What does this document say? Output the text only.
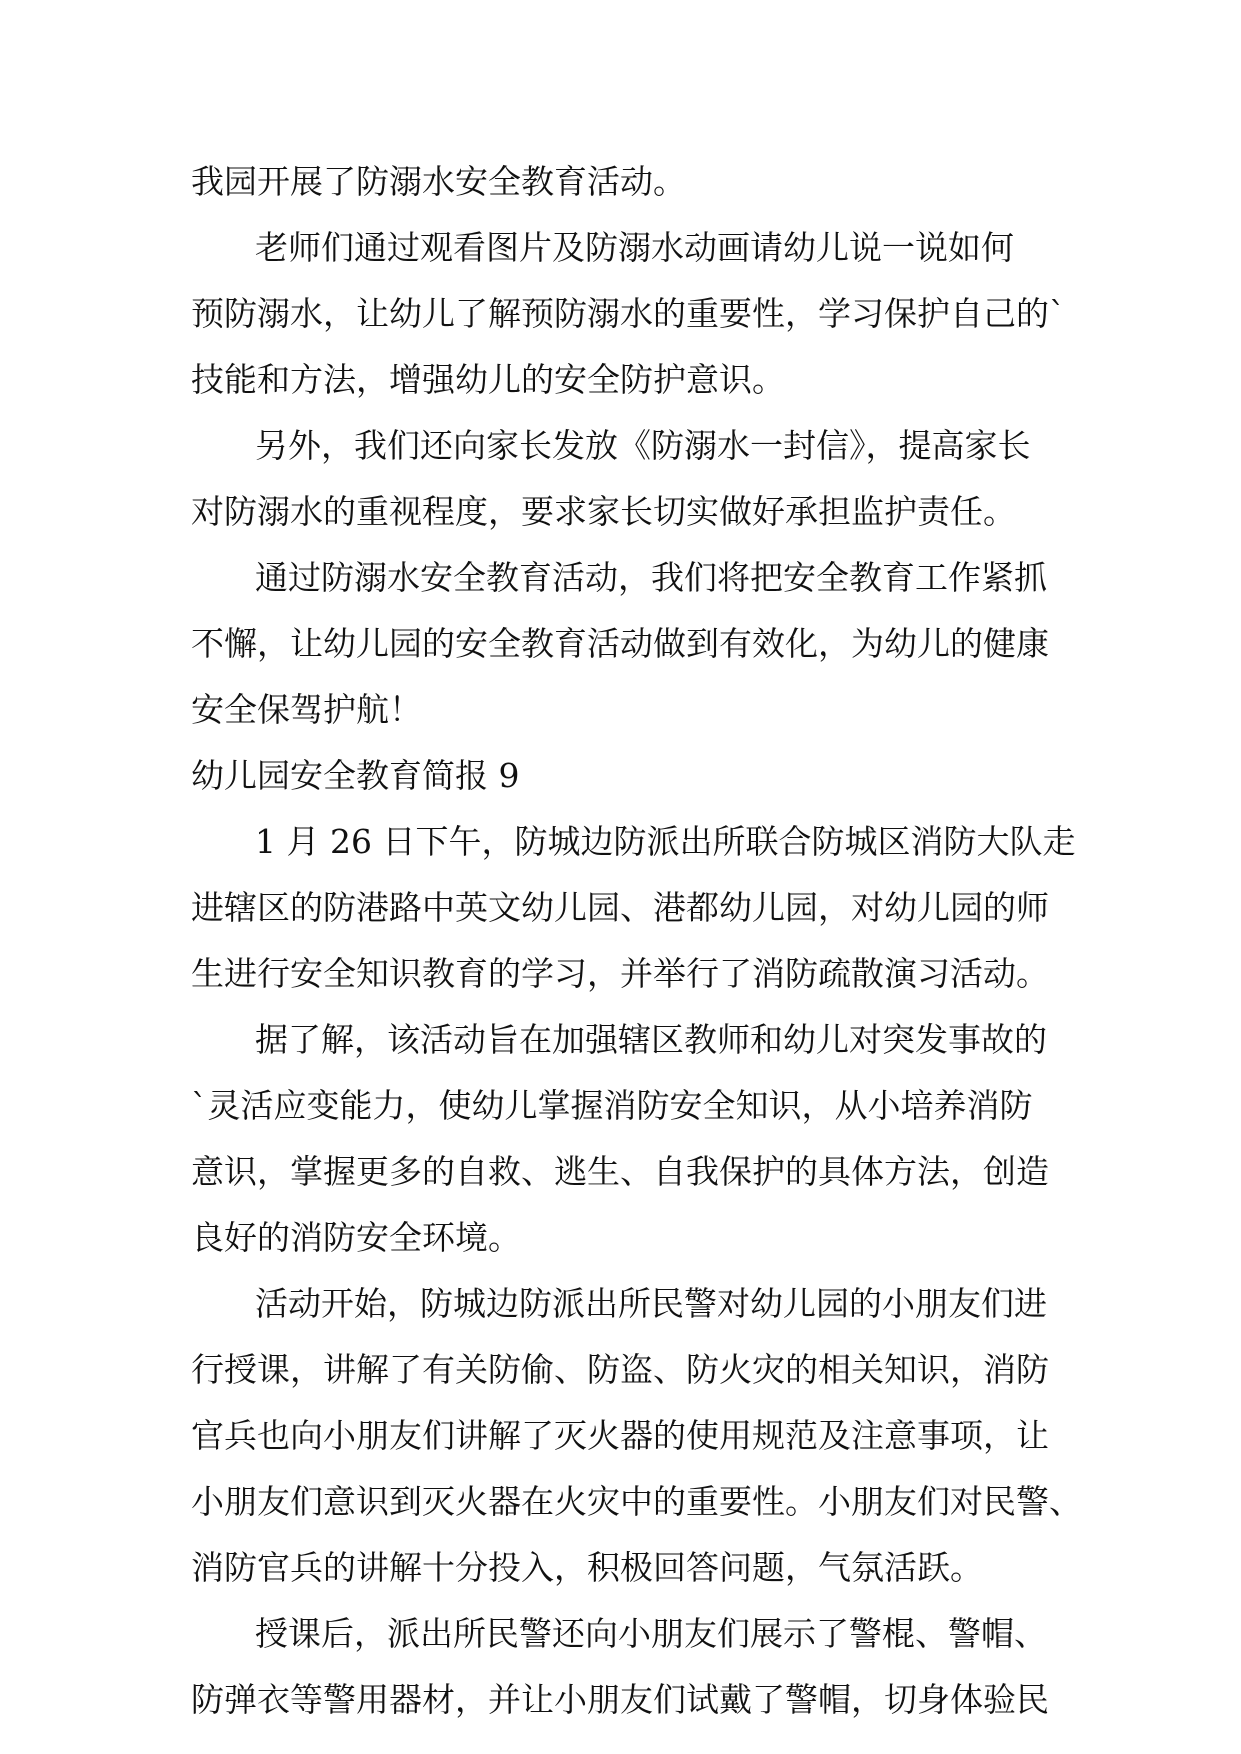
我园开展了防溺水安全教育活动。
老师们通过观看图片及防溺水动画请幼儿说一说如何
预防溺水，让幼儿了解预防溺水的重要性，学习保护自己的`
技能和方法，增强幼儿的安全防护意识。
另外，我们还向家长发放《防溺水一封信》，提高家长
对防溺水的重视程度，要求家长切实做好承担监护责任。
通过防溺水安全教育活动，我们将把安全教育工作紧抓
不懈，让幼儿园的安全教育活动做到有效化，为幼儿的健康
安全保驾护航！
幼儿园安全教育简报 9
1 月 26 日下午，防城边防派出所联合防城区消防大队走
进辖区的防港路中英文幼儿园、港都幼儿园，对幼儿园的师
生进行安全知识教育的学习，并举行了消防疏散演习活动。
据了解，该活动旨在加强辖区教师和幼儿对突发事故的
`灵活应变能力，使幼儿掌握消防安全知识，从小培养消防
意识，掌握更多的自救、逃生、自我保护的具体方法，创造
良好的消防安全环境。
活动开始，防城边防派出所民警对幼儿园的小朋友们进
行授课，讲解了有关防偷、防盗、防火灾的相关知识，消防
官兵也向小朋友们讲解了灭火器的使用规范及注意事项，让
小朋友们意识到灭火器在火灾中的重要性。小朋友们对民警、
消防官兵的讲解十分投入，积极回答问题，气氛活跃。
授课后，派出所民警还向小朋友们展示了警棍、警帽、
防弹衣等警用器材，并让小朋友们试戴了警帽，切身体验民
